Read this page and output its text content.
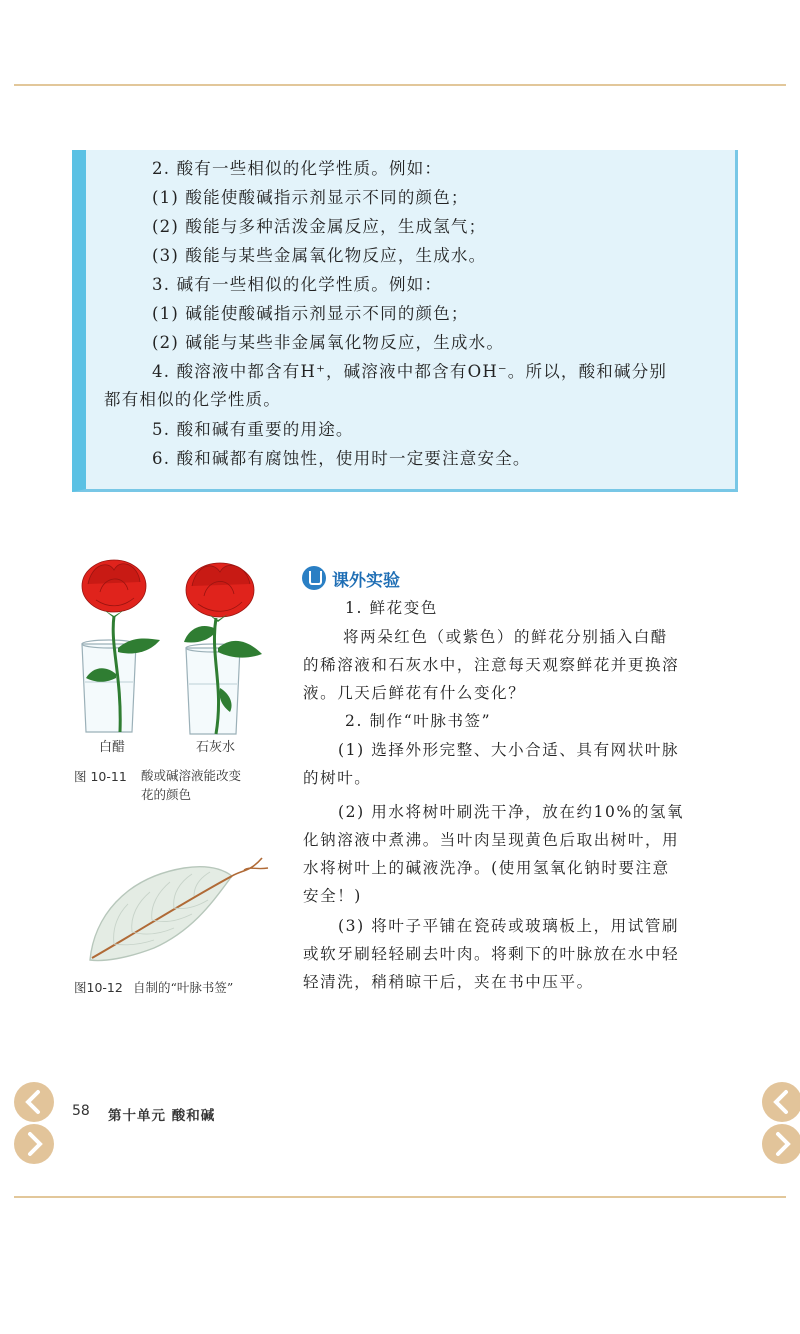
2. 酸有一些相似的化学性质。例如：
(1) 酸能使酸碱指示剂显示不同的颜色；
(2) 酸能与多种活泼金属反应，生成氢气；
(3) 酸能与某些金属氧化物反应，生成水。
3. 碱有一些相似的化学性质。例如：
(1) 碱能使酸碱指示剂显示不同的颜色；
(2) 碱能与某些非金属氧化物反应，生成水。
4. 酸溶液中都含有H⁺，碱溶液中都含有OH⁻。所以，酸和碱分别
都有相似的化学性质。
5. 酸和碱有重要的用途。
6. 酸和碱都有腐蚀性，使用时一定要注意安全。
白醋	石灰水
图 10-11 酸或碱溶液能改变
花的颜色
图10-12 自制的“叶脉书签”
课外实验
1. 鲜花变色
将两朵红色（或紫色）的鲜花分别插入白醋
的稀溶液和石灰水中，注意每天观察鲜花并更换溶
液。几天后鲜花有什么变化？
2. 制作“叶脉书签”
(1) 选择外形完整、大小合适、具有网状叶脉
的树叶。
(2) 用水将树叶刷洗干净，放在约10%的氢氧
化钠溶液中煮沸。当叶肉呈现黄色后取出树叶，用
水将树叶上的碱液洗净。(使用氢氧化钠时要注意
安全！)
(3) 将叶子平铺在瓷砖或玻璃板上，用试管刷
或软牙刷轻轻刷去叶肉。将剩下的叶脉放在水中轻
轻清洗，稍稍晾干后，夹在书中压平。
58 第十单元 酸和碱
